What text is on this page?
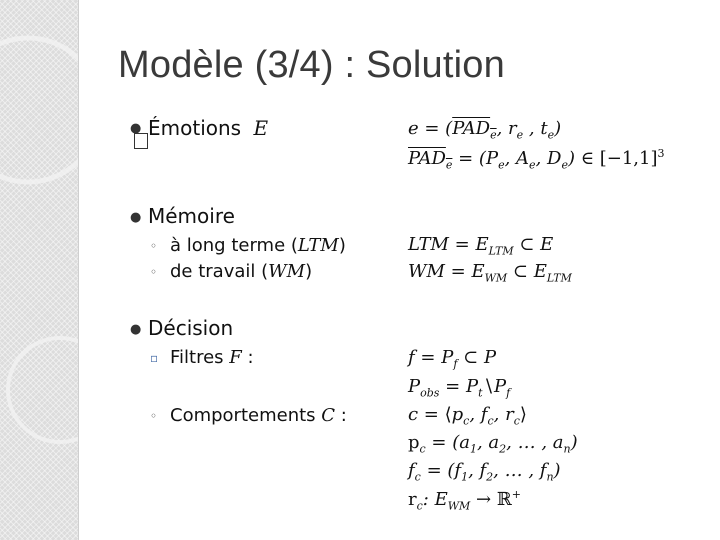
Modèle (3/4) : Solution
● Émotions E	$e = (PAD_e$, $r_e$ , $t_e$)
$PAD_e = (P_e$, $A_e$, $D_e$) ∈ $[-1,1]^3$
● Mémoire
◦ à long terme (LTM)
◦ de travail (WM)
LTM = $E_{LTM}$ ⊂ E
WM = $E_{WM}$ ⊂ $E_{LTM}$
● Décision
▫ Filtres F :
◦ Comportements C :
$f = P_f$ ⊂ P
$P_{obs}$ = $P_t∖P_f$
$c = ⟨p_c$, $f_c$, $r_c⟩$
$p_c = (a_1$, $a_2$, … , $a_n$)
$f_c = (f_1$, $f_2$, … , $f_n$)
$r_c$: $E_{WM}$ → ℝ+
